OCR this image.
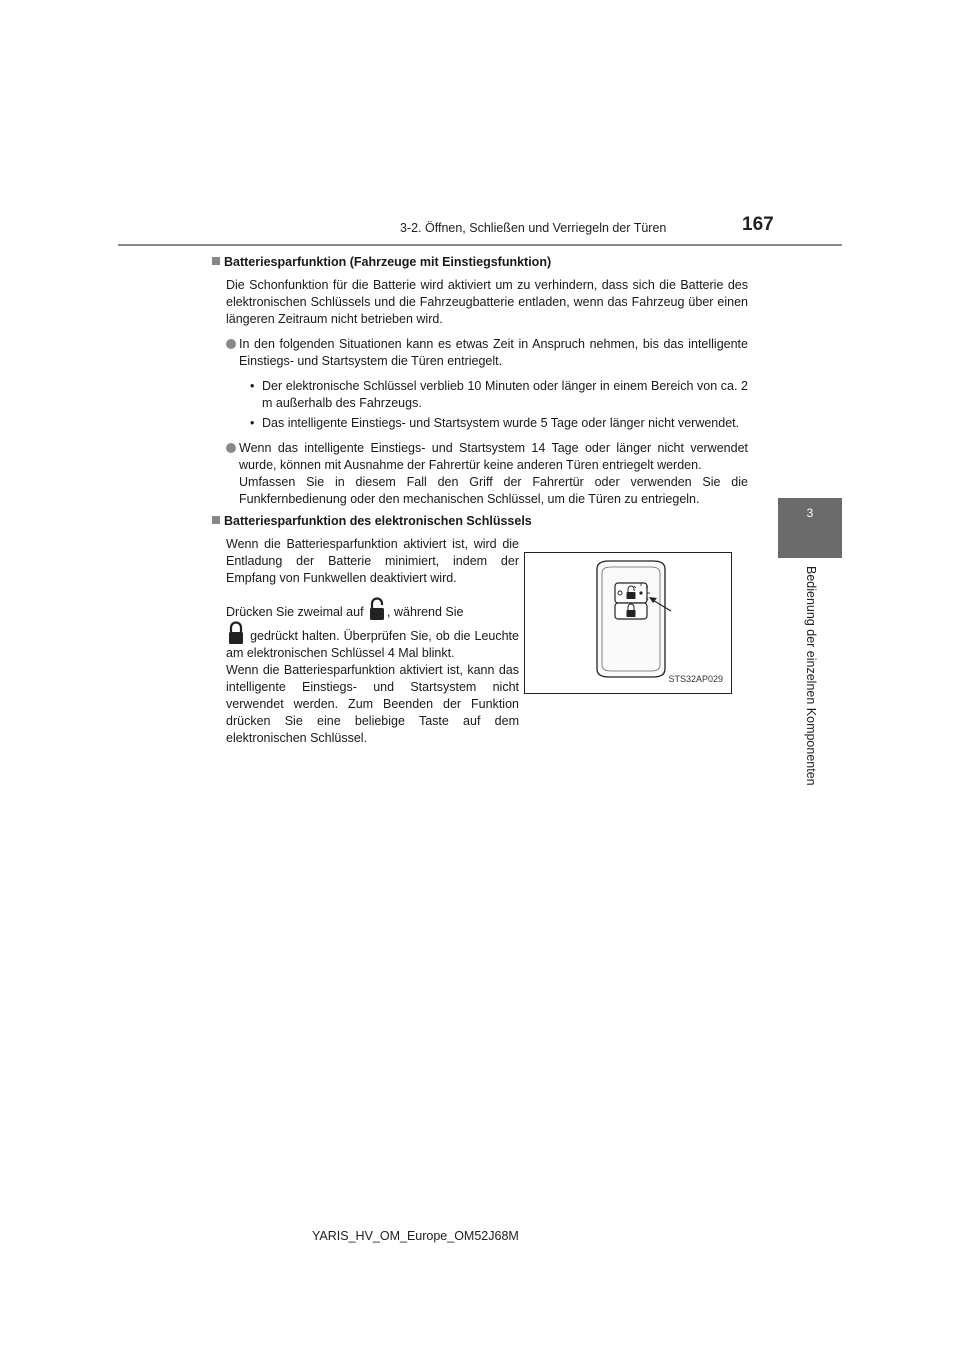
3-2. Öffnen, Schließen und Verriegeln der Türen	167
3
Bedienung der einzelnen Komponenten

Batteriesparfunktion (Fahrzeuge mit Einstiegsfunktion)

Die Schonfunktion für die Batterie wird aktiviert um zu verhindern, dass sich die Batterie des elektronischen Schlüssels und die Fahrzeugbatterie entladen, wenn das Fahrzeug über einen längeren Zeitraum nicht betrieben wird.

In den folgenden Situationen kann es etwas Zeit in Anspruch nehmen, bis das intelligente Einstiegs- und Startsystem die Türen entriegelt.
• Der elektronische Schlüssel verblieb 10 Minuten oder länger in einem Bereich von ca. 2 m außerhalb des Fahrzeugs.
• Das intelligente Einstiegs- und Startsystem wurde 5 Tage oder länger nicht verwendet.
Wenn das intelligente Einstiegs- und Startsystem 14 Tage oder länger nicht verwendet wurde, können mit Ausnahme der Fahrertür keine anderen Türen entriegelt werden.
Umfassen Sie in diesem Fall den Griff der Fahrertür oder verwenden Sie die Funkfernbedienung oder den mechanischen Schlüssel, um die Türen zu entriegeln.

Batteriesparfunktion des elektronischen Schlüssels

Wenn die Batteriesparfunktion aktiviert ist, wird die Entladung der Batterie minimiert, indem der Empfang von Funkwellen deaktiviert wird.

Drücken Sie zweimal auf , während Sie
gedrückt halten. Überprüfen Sie, ob die Leuchte am elektronischen Schlüssel 4 Mal blinkt.
Wenn die Batteriesparfunktion aktiviert ist, kann das intelligente Einstiegs- und Startsystem nicht verwendet werden. Zum Beenden der Funktion drücken Sie eine beliebige Taste auf dem elektronischen Schlüssel.

STS32AP029
YARIS_HV_OM_Europe_OM52J68M
